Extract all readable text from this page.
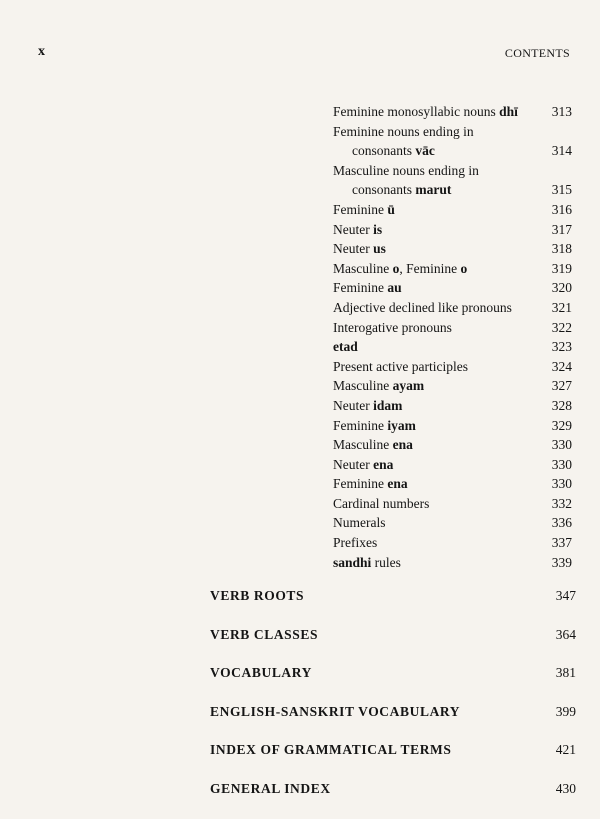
x	CONTENTS
Feminine monosyllabic nouns dhī	313
Feminine nouns ending in
consonants vāc	314
Masculine nouns ending in
consonants marut	315
Feminine ū	316
Neuter is	317
Neuter us	318
Masculine o, Feminine o	319
Feminine au	320
Adjective declined like pronouns	321
Interogative pronouns	322
etad	323
Present active participles	324
Masculine ayam	327
Neuter idam	328
Feminine iyam	329
Masculine ena	330
Neuter ena	330
Feminine ena	330
Cardinal numbers	332
Numerals	336
Prefixes	337
sandhi rules	339
VERB ROOTS	347
VERB CLASSES	364
VOCABULARY	381
ENGLISH-SANSKRIT VOCABULARY	399
INDEX OF GRAMMATICAL TERMS	421
GENERAL INDEX	430
